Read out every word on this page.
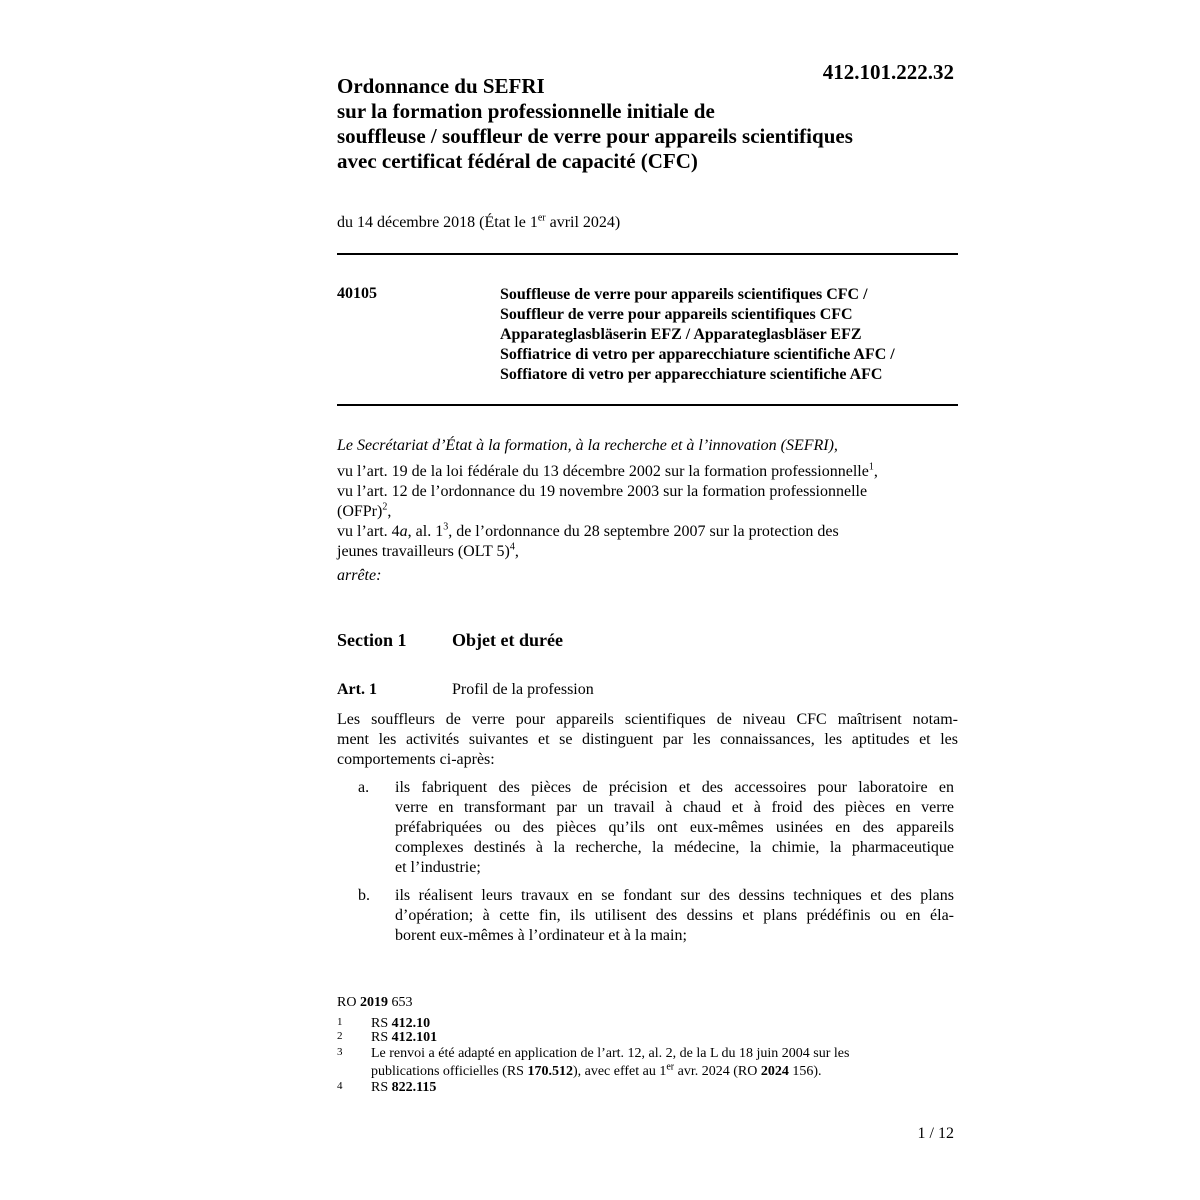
412.101.222.32
Ordonnance du SEFRI
sur la formation professionnelle initiale de
souffleuse / souffleur de verre pour appareils scientifiques
avec certificat fédéral de capacité (CFC)
du 14 décembre 2018 (État le 1er avril 2024)
40105	Souffleuse de verre pour appareils scientifiques CFC /
Souffleur de verre pour appareils scientifiques CFC
Apparateglasbläserin EFZ / Apparateglasbläser EFZ
Soffiatrice di vetro per apparecchiature scientifiche AFC /
Soffiatore di vetro per apparecchiature scientifiche AFC
Le Secrétariat d’État à la formation, à la recherche et à l’innovation (SEFRI),
vu l’art. 19 de la loi fédérale du 13 décembre 2002 sur la formation professionnelle$^1$,
vu l’art. 12 de l’ordonnance du 19 novembre 2003 sur la formation professionnelle
(OFPr)$^2$,
vu l’art. 4a, al. $1^3$, de l’ordonnance du 28 septembre 2007 sur la protection des
jeunes travailleurs (OLT 5)$^4$,
arrête:
Section 1	Objet et durée
Art. 1	Profil de la profession
Les souffleurs de verre pour appareils scientifiques de niveau CFC maîtrisent notam-
ment les activités suivantes et se distinguent par les connaissances, les aptitudes et les
comportements ci-après:
a. ils fabriquent des pièces de précision et des accessoires pour laboratoire en
verre en transformant par un travail à chaud et à froid des pièces en verre
préfabriquées ou des pièces qu’ils ont eux-mêmes usinées en des appareils
complexes destinés à la recherche, la médecine, la chimie, la pharmaceutique
et l’industrie;
b. ils réalisent leurs travaux en se fondant sur des dessins techniques et des plans
d’opération; à cette fin, ils utilisent des dessins et plans prédéfinis ou en éla-
borent eux-mêmes à l’ordinateur et à la main;
RO 2019 653
1 RS 412.10
2 RS 412.101
3 Le renvoi a été adapté en application de l’art. 12, al. 2, de la L du 18 juin 2004 sur les
publications officielles (RS 170.512), avec effet au 1er avr. 2024 (RO 2024 156).
4 RS 822.115
1 / 12
